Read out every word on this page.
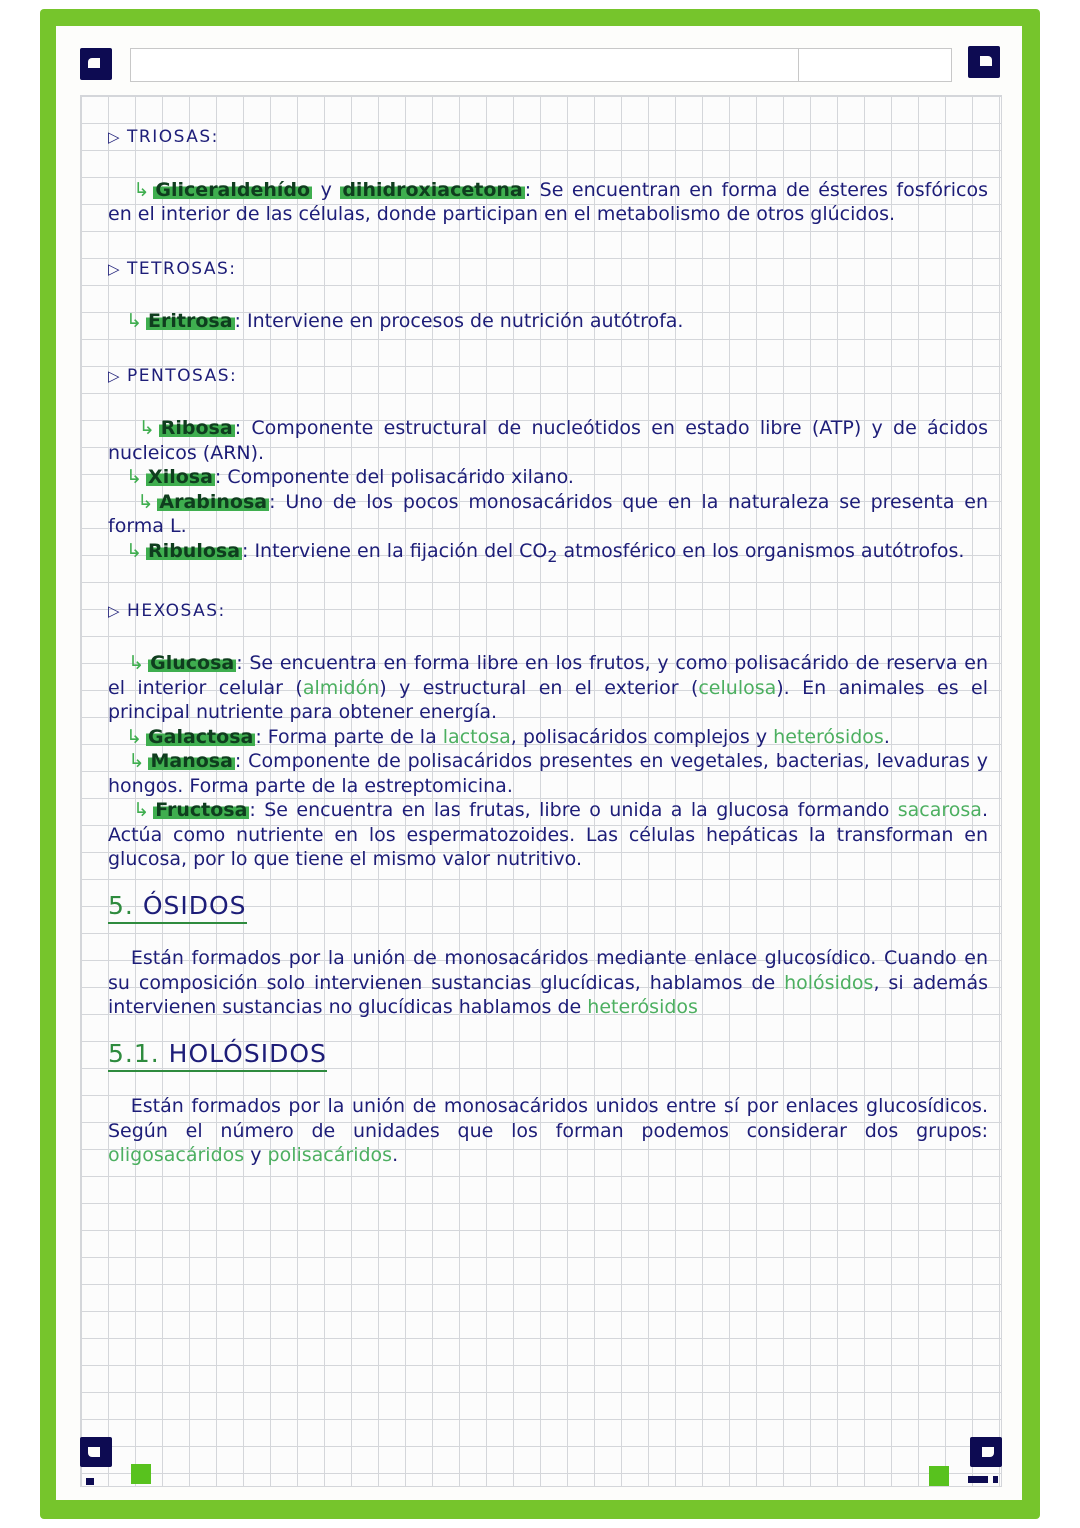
▷ TRIOSAS:

↳ Gliceraldehído y dihidroxiacetona : Se encuentran en forma de ésteres fosfóricos en el interior de las células, donde participan en el metabolismo de otros glúcidos.

▷ TETROSAS:

↳ Eritrosa : Interviene en procesos de nutrición autótrofa.

▷ PENTOSAS:

↳ Ribosa : Componente estructural de nucleótidos en estado libre (ATP) y de ácidos nucleicos (ARN).

↳ Xilosa : Componente del polisacárido xilano.

↳ Arabinosa : Uno de los pocos monosacáridos que en la naturaleza se presenta en forma L.

↳ Ribulosa : Interviene en la fijación del $CO_2$ atmosférico en los organismos autótrofos.

▷ HEXOSAS:

↳ Glucosa : Se encuentra en forma libre en los frutos, y como polisacárido de reserva en el interior celular (almidón) y estructural en el exterior (celulosa). En animales es el principal nutriente para obtener energía.

↳ Galactosa : Forma parte de la lactosa, polisacáridos complejos y heterósidos.

↳ Manosa : Componente de polisacáridos presentes en vegetales, bacterias, levaduras y hongos. Forma parte de la estreptomicina.

↳ Fructosa : Se encuentra en las frutas, libre o unida a la glucosa formando sacarosa. Actúa como nutriente en los espermatozoides. Las células hepáticas la transforman en glucosa, por lo que tiene el mismo valor nutritivo.

5. ÓSIDOS

Están formados por la unión de monosacáridos mediante enlace glucosídico. Cuando en su composición solo intervienen sustancias glucídicas, hablamos de holósidos, si además intervienen sustancias no glucídicas hablamos de heterósidos

5.1. HOLÓSIDOS

Están formados por la unión de monosacáridos unidos entre sí por enlaces glucosídicos. Según el número de unidades que los forman podemos considerar dos grupos: oligosacáridos y polisacáridos.
